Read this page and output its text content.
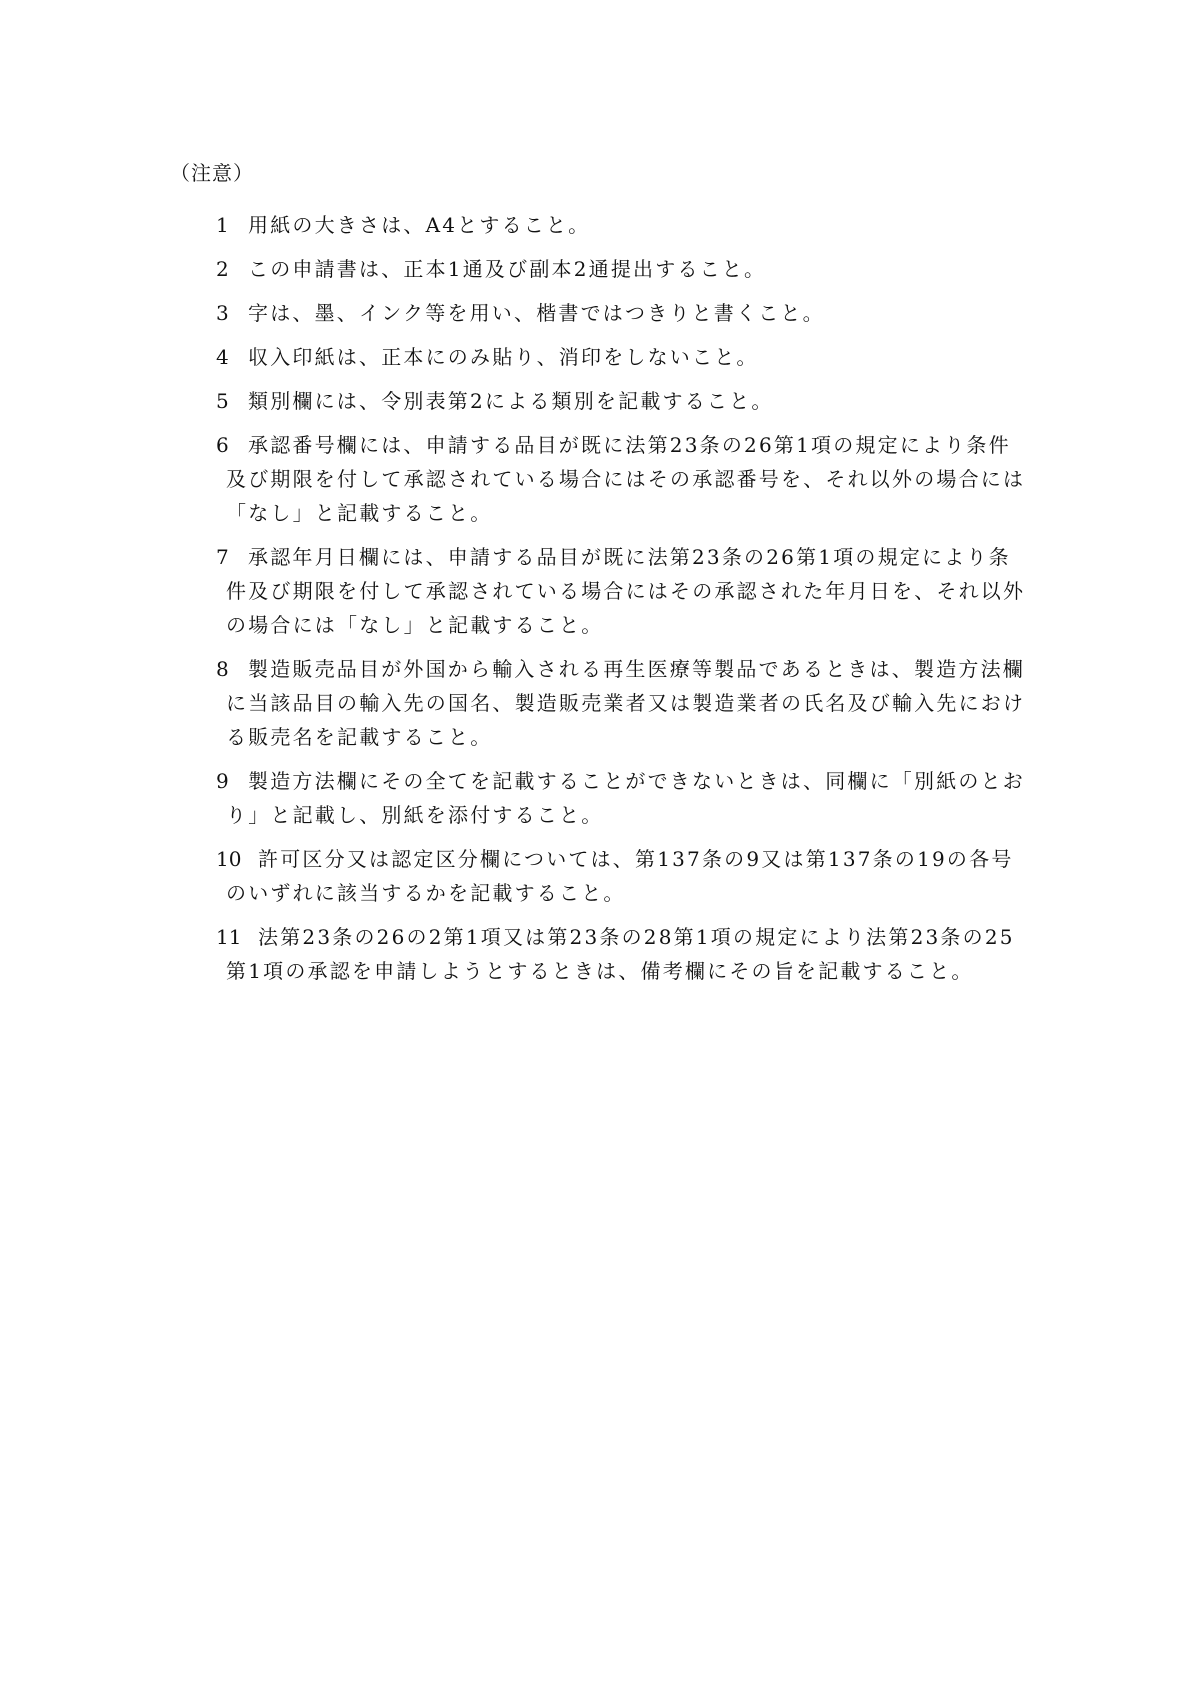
（注意）
1 用紙の大きさは、A4とすること。
2 この申請書は、正本1通及び副本2通提出すること。
3 字は、墨、インク等を用い、楷書ではつきりと書くこと。
4 収入印紙は、正本にのみ貼り、消印をしないこと。
5 類別欄には、令別表第2による類別を記載すること。
6 承認番号欄には、申請する品目が既に法第23条の26第1項の規定により条件及び期限を付して承認されている場合にはその承認番号を、それ以外の場合には「なし」と記載すること。
7 承認年月日欄には、申請する品目が既に法第23条の26第1項の規定により条件及び期限を付して承認されている場合にはその承認された年月日を、それ以外の場合には「なし」と記載すること。
8 製造販売品目が外国から輸入される再生医療等製品であるときは、製造方法欄に当該品目の輸入先の国名、製造販売業者又は製造業者の氏名及び輸入先における販売名を記載すること。
9 製造方法欄にその全てを記載することができないときは、同欄に「別紙のとおり」と記載し、別紙を添付すること。
10 許可区分又は認定区分欄については、第137条の9又は第137条の19の各号のいずれに該当するかを記載すること。
11 法第23条の26の2第1項又は第23条の28第1項の規定により法第23条の25第1項の承認を申請しようとするときは、備考欄にその旨を記載すること。
